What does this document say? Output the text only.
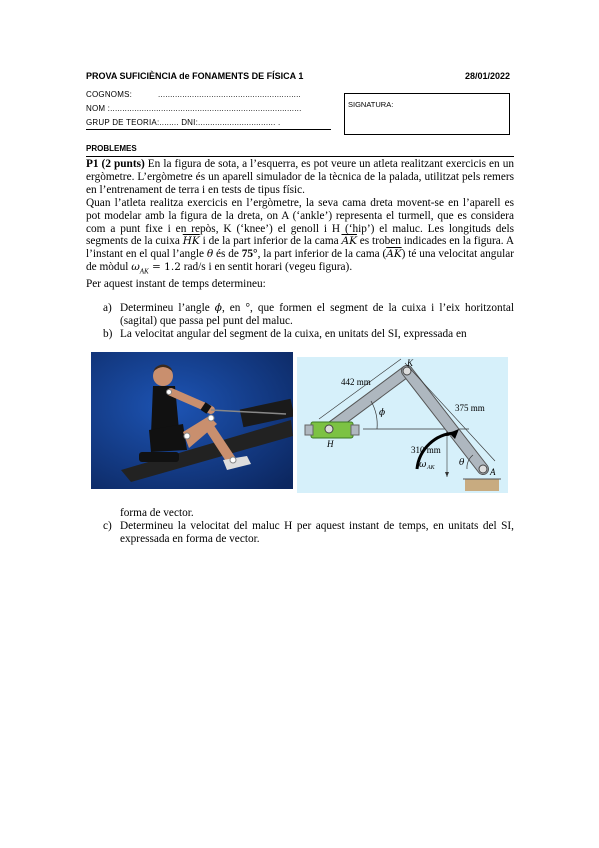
PROVA SUFICIÈNCIA de FONAMENTS DE FÍSICA 1	28/01/2022
COGNOMS:	...........................................................
NOM :...............................................................................
GRUP DE TEORIA:........ DNI:................................ .
SIGNATURA:
PROBLEMES

P1 (2 punts) En la figura de sota, a l’esquerra, es pot veure un atleta realitzant exercicis en un ergòmetre. L’ergòmetre és un aparell simulador de la tècnica de la palada, utilitzat pels remers en l’entrenament de terra i en tests de tipus físic.

Quan l’atleta realitza exercicis en l’ergòmetre, la seva cama dreta movent-se en l’aparell es pot modelar amb la figura de la dreta, on A (‘ankle’) representa el turmell, que es considera com a punt fixe i en repòs, K (‘knee’) el genoll i H (‘hip’) el maluc. Les longituds dels segments de la cuixa $\overline{HK}$ i de la part inferior de la cama $\overline{AK}$ es troben indicades en la figura. A l’instant en el qual l’angle θ és de 75°, la part inferior de la cama $(\overline{AK})$ té una velocitat angular de mòdul $\omega_{AK} = 1.2$ rad/s i en sentit horari (vegeu figura).

Per aquest instant de temps determineu:

a) Determineu l’angle ϕ, en °, que formen el segment de la cuixa i l’eix horitzontal (sagital) que passa pel punt del maluc.
b) La velocitat angular del segment de la cuixa, en unitats del SI, expressada en
442 mm
375 mm
310 mm
K
H
A
ϕ
θ
ω AK
forma de vector.
c) Determineu la velocitat del maluc H per aquest instant de temps, en unitats del SI, expressada en forma de vector.
